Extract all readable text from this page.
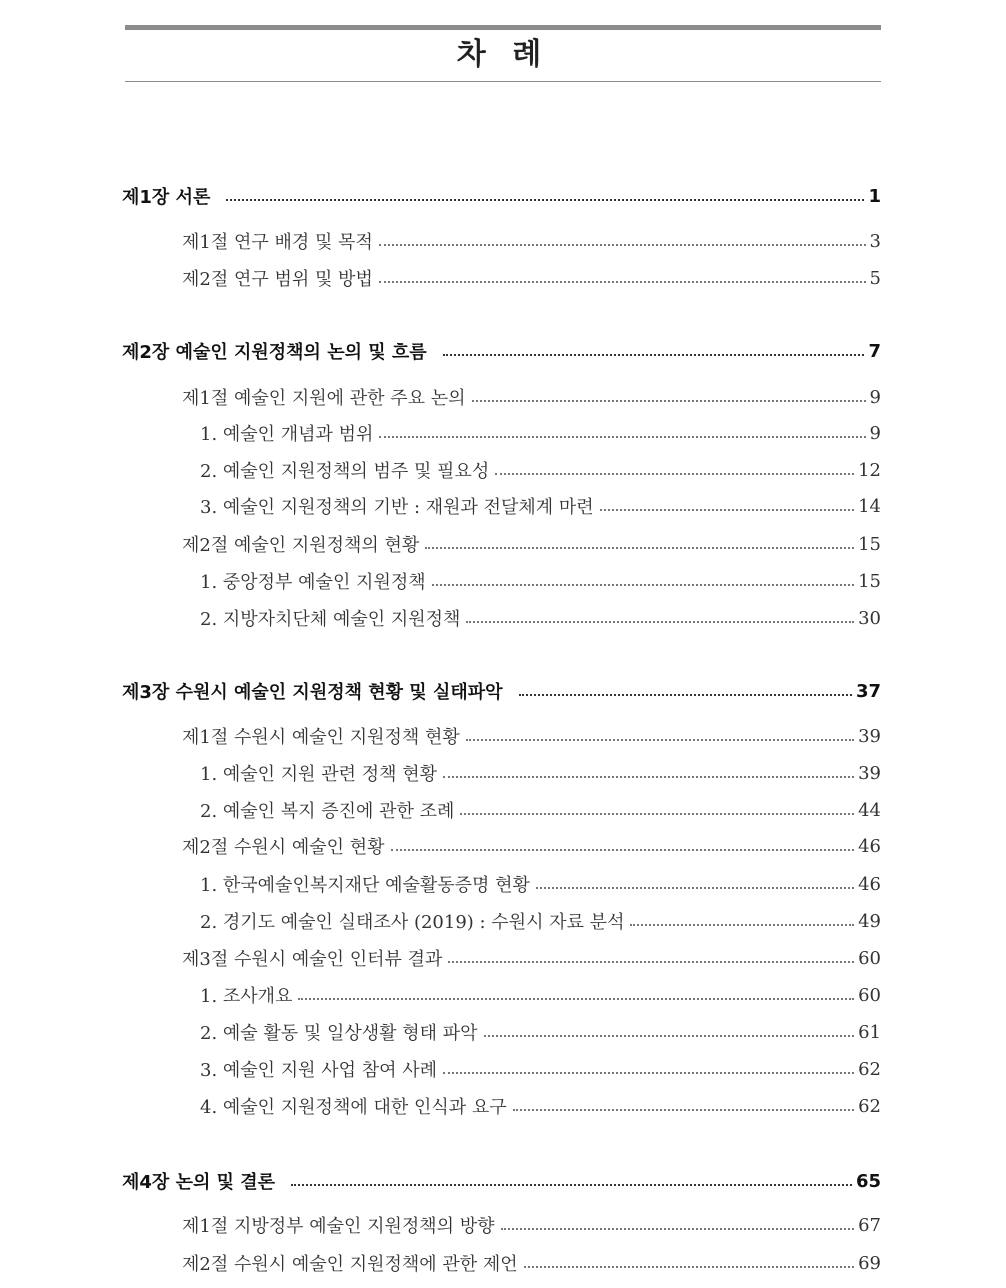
차 례
제1장 서론	1
제1절 연구 배경 및 목적	3
제2절 연구 범위 및 방법	5
제2장 예술인 지원정책의 논의 및 흐름	7
제1절 예술인 지원에 관한 주요 논의	9
1. 예술인 개념과 범위	9
2. 예술인 지원정책의 범주 및 필요성	12
3. 예술인 지원정책의 기반 : 재원과 전달체계 마련	14
제2절 예술인 지원정책의 현황	15
1. 중앙정부 예술인 지원정책	15
2. 지방자치단체 예술인 지원정책	30
제3장 수원시 예술인 지원정책 현황 및 실태파악	37
제1절 수원시 예술인 지원정책 현황	39
1. 예술인 지원 관련 정책 현황	39
2. 예술인 복지 증진에 관한 조례	44
제2절 수원시 예술인 현황	46
1. 한국예술인복지재단 예술활동증명 현황	46
2. 경기도 예술인 실태조사 (2019) : 수원시 자료 분석	49
제3절 수원시 예술인 인터뷰 결과	60
1. 조사개요	60
2. 예술 활동 및 일상생활 형태 파악	61
3. 예술인 지원 사업 참여 사례	62
4. 예술인 지원정책에 대한 인식과 요구	62
제4장 논의 및 결론	65
제1절 지방정부 예술인 지원정책의 방향	67
제2절 수원시 예술인 지원정책에 관한 제언	69
